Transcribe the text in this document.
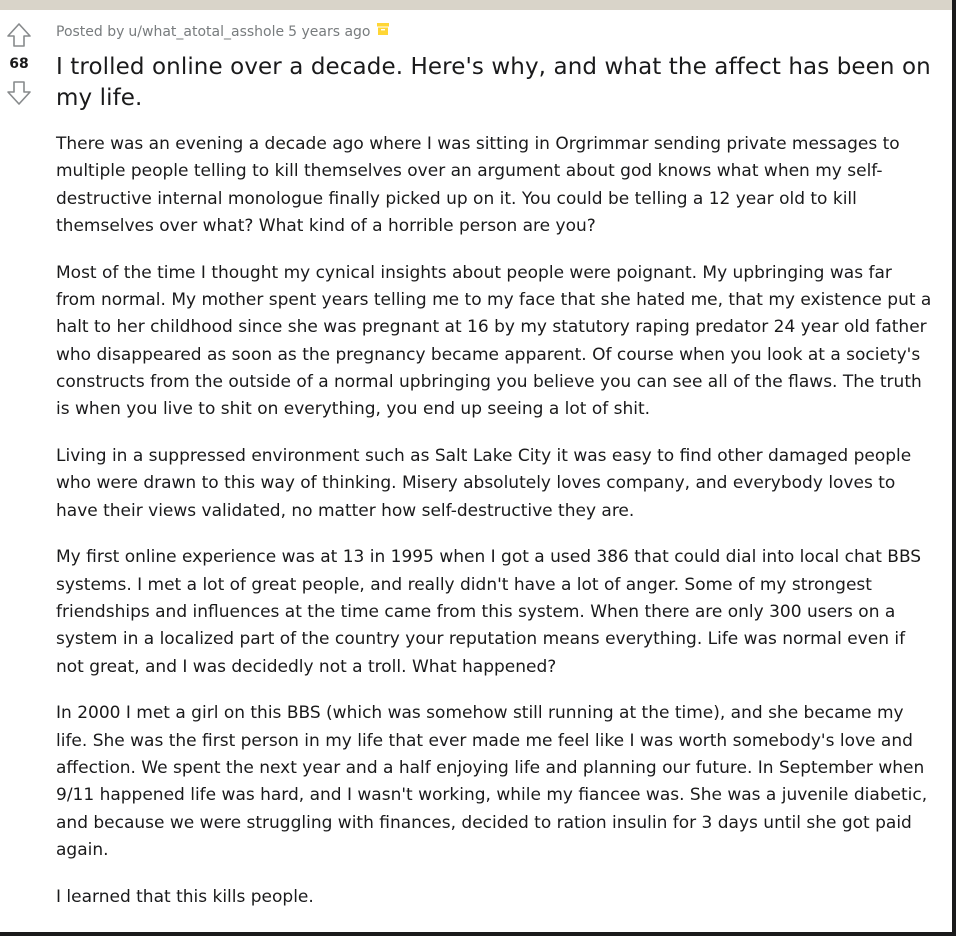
68
Posted by u/what_atotal_asshole 5 years ago
I trolled online over a decade. Here's why, and what the affect has been on my life.

There was an evening a decade ago where I was sitting in Orgrimmar sending private messages to multiple people telling to kill themselves over an argument about god knows what when my self-destructive internal monologue finally picked up on it. You could be telling a 12 year old to kill themselves over what? What kind of a horrible person are you?

Most of the time I thought my cynical insights about people were poignant. My upbringing was far from normal. My mother spent years telling me to my face that she hated me, that my existence put a halt to her childhood since she was pregnant at 16 by my statutory raping predator 24 year old father who disappeared as soon as the pregnancy became apparent. Of course when you look at a society's constructs from the outside of a normal upbringing you believe you can see all of the flaws. The truth is when you live to shit on everything, you end up seeing a lot of shit.

Living in a suppressed environment such as Salt Lake City it was easy to find other damaged people who were drawn to this way of thinking. Misery absolutely loves company, and everybody loves to have their views validated, no matter how self-destructive they are.

My first online experience was at 13 in 1995 when I got a used 386 that could dial into local chat BBS systems. I met a lot of great people, and really didn't have a lot of anger. Some of my strongest friendships and influences at the time came from this system. When there are only 300 users on a system in a localized part of the country your reputation means everything. Life was normal even if not great, and I was decidedly not a troll. What happened?

In 2000 I met a girl on this BBS (which was somehow still running at the time), and she became my life. She was the first person in my life that ever made me feel like I was worth somebody's love and affection. We spent the next year and a half enjoying life and planning our future. In September when 9/11 happened life was hard, and I wasn't working, while my fiancee was. She was a juvenile diabetic, and because we were struggling with finances, decided to ration insulin for 3 days until she got paid again.

I learned that this kills people.
